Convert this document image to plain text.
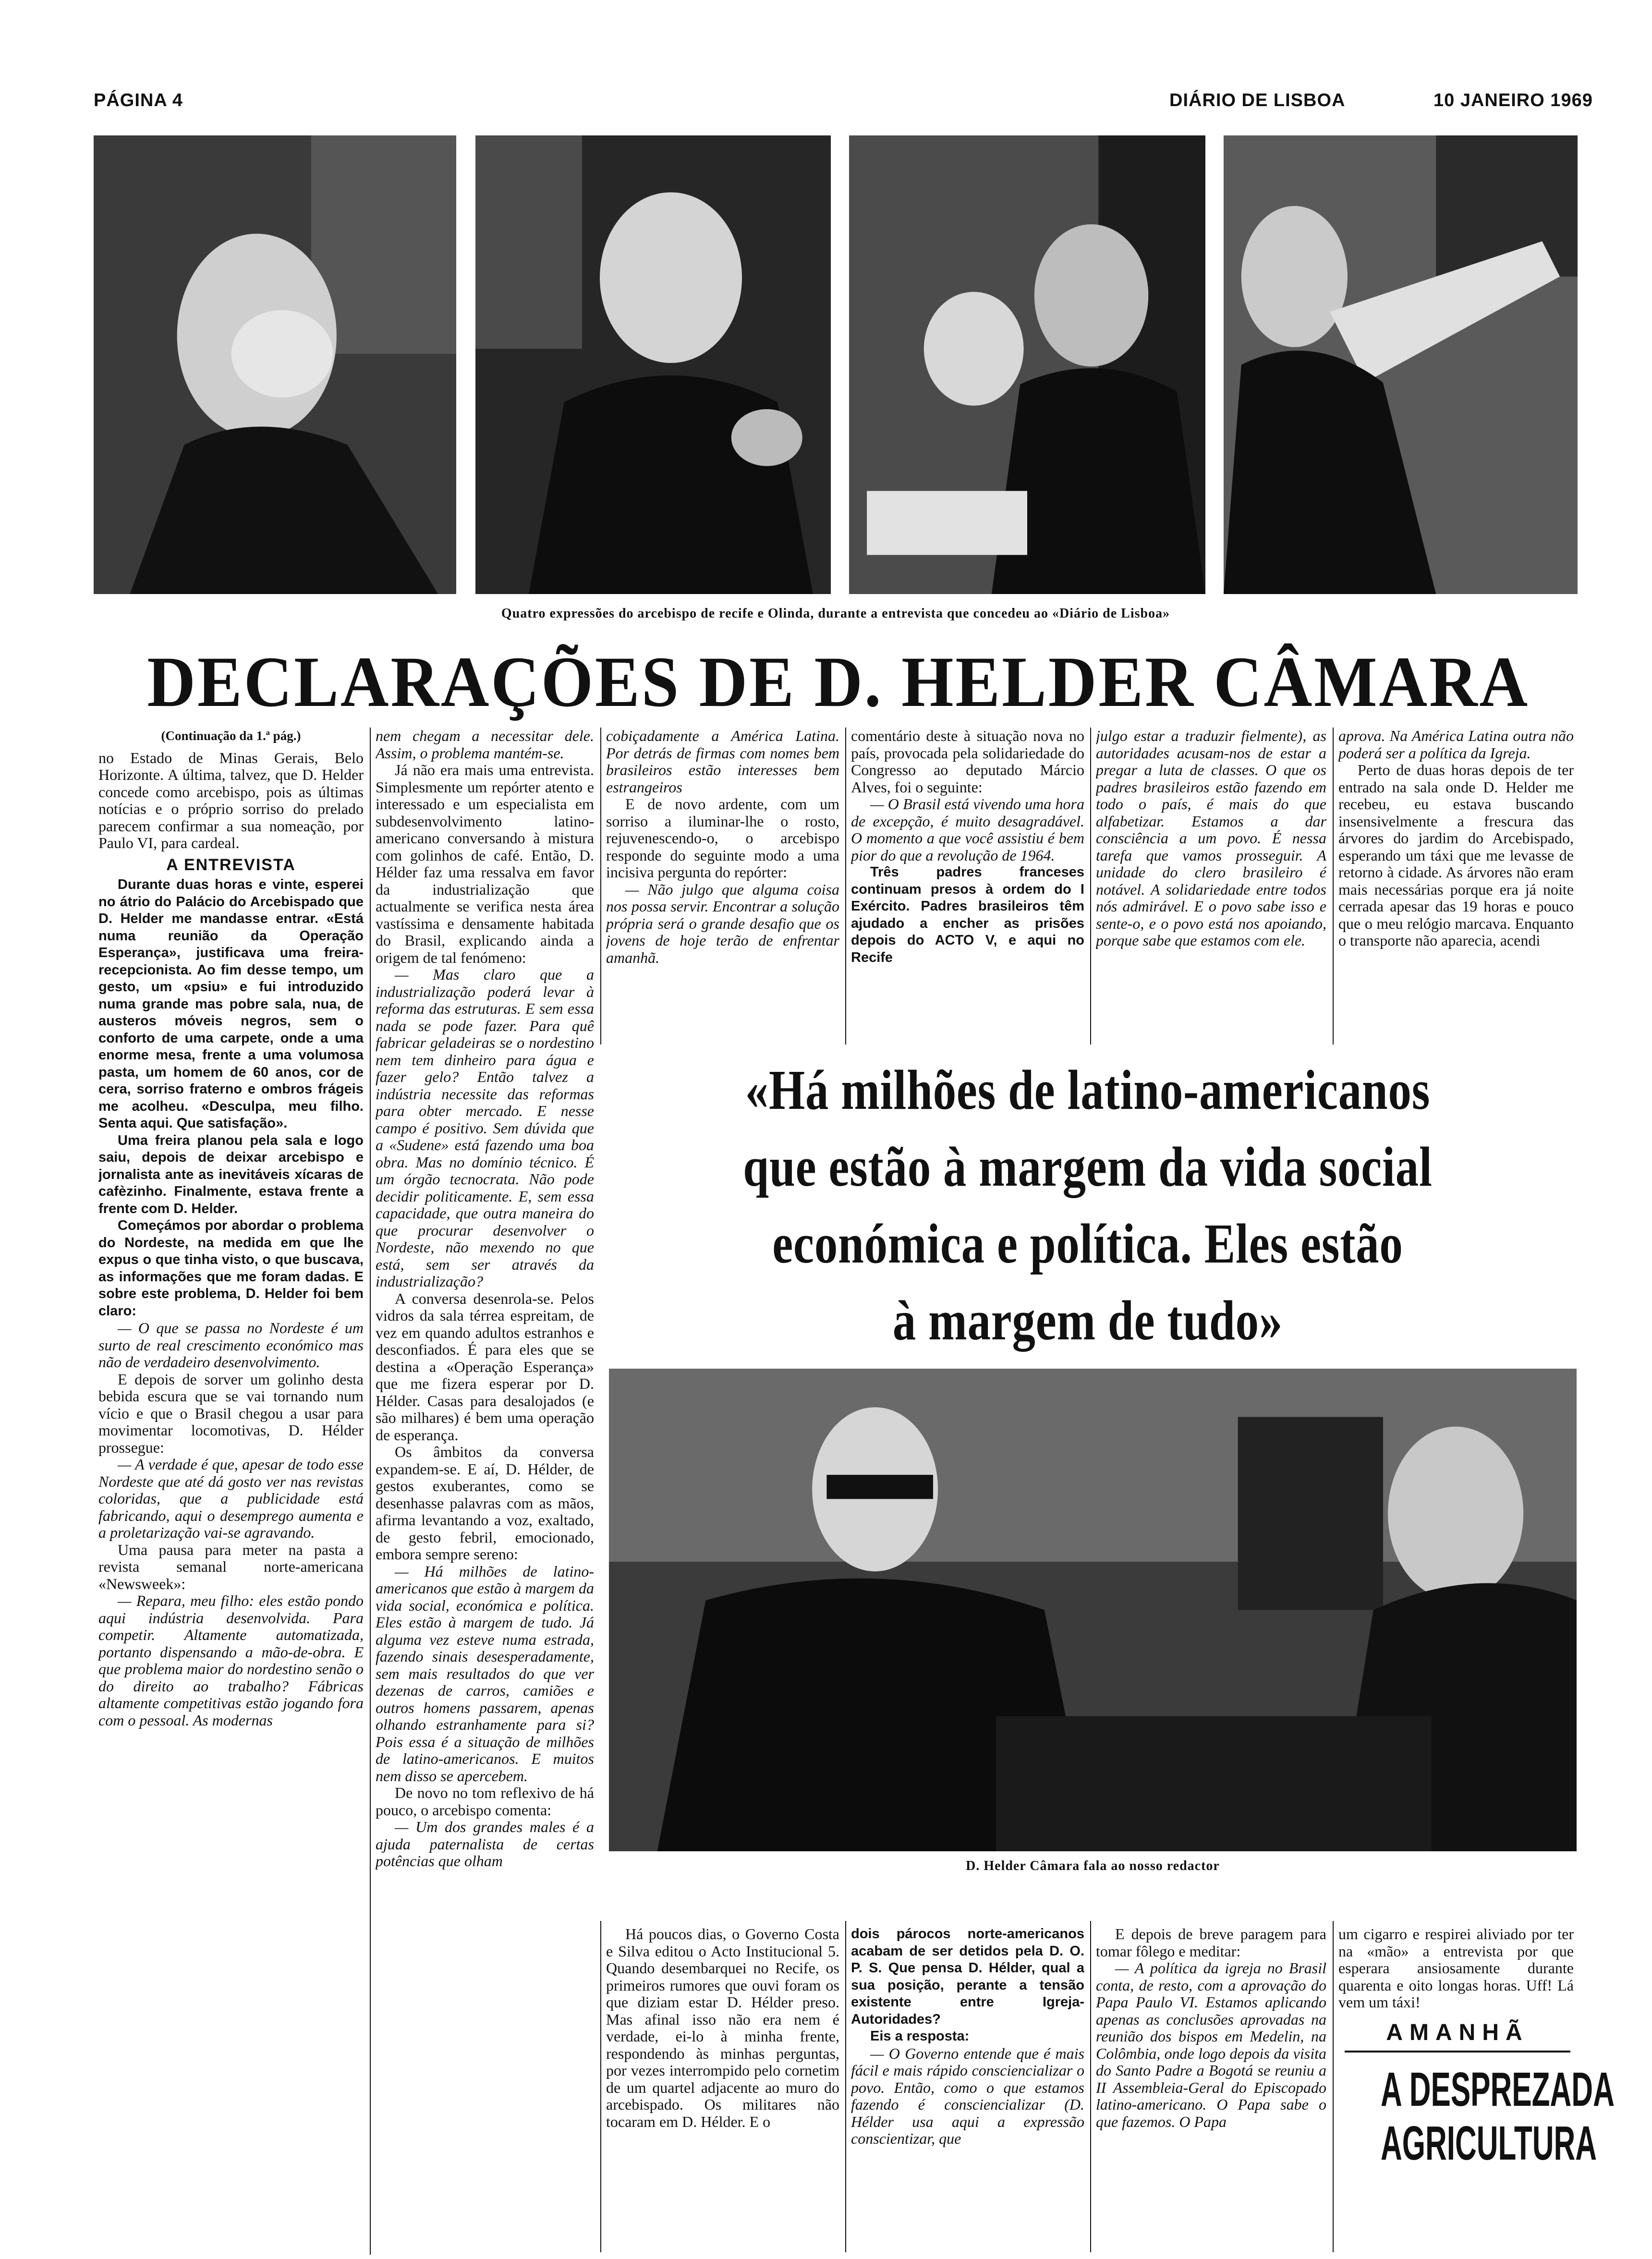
PÁGINA 4	DIÁRIO DE LISBOA	10 JANEIRO 1969
Quatro expressões do arcebispo de recife e Olinda, durante a entrevista que concedeu ao «Diário de Lisboa»
DECLARAÇÕES DE D. HELDER CÂMARA

(Continuação da 1.ª pág.)

no Estado de Minas Gerais, Belo Horizonte. A última, talvez, que D. Helder concede como arcebispo, pois as últimas notícias e o próprio sorriso do prelado parecem confirmar a sua nomeação, por Paulo VI, para cardeal.

A ENTREVISTA

Durante duas horas e vinte, esperei no átrio do Palácio do Arcebispado que D. Helder me mandasse entrar. «Está numa reunião da Operação Esperança», justificava uma freira-recepcionista. Ao fim desse tempo, um gesto, um «psiu» e fui introduzido numa grande mas pobre sala, nua, de austeros móveis negros, sem o conforto de uma carpete, onde a uma enorme mesa, frente a uma volumosa pasta, um homem de 60 anos, cor de cera, sorriso fraterno e ombros frágeis me acolheu. «Desculpa, meu filho. Senta aqui. Que satisfação».

Uma freira planou pela sala e logo saiu, depois de deixar arcebispo e jornalista ante as inevitáveis xícaras de cafèzinho. Finalmente, estava frente a frente com D. Helder.

Começámos por abordar o problema do Nordeste, na medida em que lhe expus o que tinha visto, o que buscava, as informações que me foram dadas. E sobre este problema, D. Helder foi bem claro:

— O que se passa no Nordeste é um surto de real crescimento económico mas não de verdadeiro desenvolvimento.

E depois de sorver um golinho desta bebida escura que se vai tornando num vício e que o Brasil chegou a usar para movimentar locomotivas, D. Hélder prossegue:

— A verdade é que, apesar de todo esse Nordeste que até dá gosto ver nas revistas coloridas, que a publicidade está fabricando, aqui o desemprego aumenta e a proletarização vai-se agravando.

Uma pausa para meter na pasta a revista semanal norte-americana «Newsweek»:

— Repara, meu filho: eles estão pondo aqui indústria desenvolvida. Para competir. Altamente automatizada, portanto dispensando a mão-de-obra. E que problema maior do nordestino senão o do direito ao trabalho? Fábricas altamente competitivas estão jogando fora com o pessoal. As modernas

nem chegam a necessitar dele. Assim, o problema mantém-se.

Já não era mais uma entrevista. Simplesmente um repórter atento e interessado e um especialista em subdesenvolvimento latino-americano conversando à mistura com golinhos de café. Então, D. Hélder faz uma ressalva em favor da industrialização que actualmente se verifica nesta área vastíssima e densamente habitada do Brasil, explicando ainda a origem de tal fenómeno:

— Mas claro que a industrialização poderá levar à reforma das estruturas. E sem essa nada se pode fazer. Para quê fabricar geladeiras se o nordestino nem tem dinheiro para água e fazer gelo? Então talvez a indústria necessite das reformas para obter mercado. E nesse campo é positivo. Sem dúvida que a «Sudene» está fazendo uma boa obra. Mas no domínio técnico. É um órgão tecnocrata. Não pode decidir politicamente. E, sem essa capacidade, que outra maneira do que procurar desenvolver o Nordeste, não mexendo no que está, sem ser através da industrialização?

A conversa desenrola-se. Pelos vidros da sala térrea espreitam, de vez em quando adultos estranhos e desconfiados. É para eles que se destina a «Operação Esperança» que me fizera esperar por D. Hélder. Casas para desalojados (e são milhares) é bem uma operação de esperança.

Os âmbitos da conversa expandem-se. E aí, D. Hélder, de gestos exuberantes, como se desenhasse palavras com as mãos, afirma levantando a voz, exaltado, de gesto febril, emocionado, embora sempre sereno:

— Há milhões de latino-americanos que estão à margem da vida social, económica e política. Eles estão à margem de tudo. Já alguma vez esteve numa estrada, fazendo sinais desesperadamente, sem mais resultados do que ver dezenas de carros, camiões e outros homens passarem, apenas olhando estranhamente para si? Pois essa é a situação de milhões de latino-americanos. E muitos nem disso se apercebem.

De novo no tom reflexivo de há pouco, o arcebispo comenta:

— Um dos grandes males é a ajuda paternalista de certas potências que olham

cobiçadamente a América Latina. Por detrás de firmas com nomes bem brasileiros estão interesses bem estrangeiros

E de novo ardente, com um sorriso a iluminar-lhe o rosto, rejuvenescendo-o, o arcebispo responde do seguinte modo a uma incisiva pergunta do repórter:

— Não julgo que alguma coisa nos possa servir. Encontrar a solução própria será o grande desafio que os jovens de hoje terão de enfrentar amanhã.

comentário deste à situação nova no país, provocada pela solidariedade do Congresso ao deputado Márcio Alves, foi o seguinte:

— O Brasil está vivendo uma hora de excepção, é muito desagradável. O momento a que você assistiu é bem pior do que a revolução de 1964.

Três padres franceses continuam presos à ordem do I Exército. Padres brasileiros têm ajudado a encher as prisões depois do ACTO V, e aqui no Recife

julgo estar a traduzir fielmente), as autoridades acusam-nos de estar a pregar a luta de classes. O que os padres brasileiros estão fazendo em todo o país, é mais do que alfabetizar. Estamos a dar consciência a um povo. É nessa tarefa que vamos prosseguir. A unidade do clero brasileiro é notável. A solidariedade entre todos nós admirável. E o povo sabe isso e sente-o, e o povo está nos apoiando, porque sabe que estamos com ele.

aprova. Na América Latina outra não poderá ser a política da Igreja.

Perto de duas horas depois de ter entrado na sala onde D. Helder me recebeu, eu estava buscando insensivelmente a frescura das árvores do jardim do Arcebispado, esperando um táxi que me levasse de retorno à cidade. As árvores não eram mais necessárias porque era já noite cerrada apesar das 19 horas e pouco que o meu relógio marcava. Enquanto o transporte não aparecia, acendi

«Há milhões de latino-americanos
que estão à margem da vida social
económica e política. Eles estão
à margem de tudo»
D. Helder Câmara fala ao nosso redactor

Há poucos dias, o Governo Costa e Silva editou o Acto Institucional 5. Quando desembarquei no Recife, os primeiros rumores que ouvi foram os que diziam estar D. Hélder preso. Mas afinal isso não era nem é verdade, ei-lo à minha frente, respondendo às minhas perguntas, por vezes interrompido pelo cornetim de um quartel adjacente ao muro do arcebispado. Os militares não tocaram em D. Hélder. E o

dois párocos norte-americanos acabam de ser detidos pela D. O. P. S. Que pensa D. Hélder, qual a sua posição, perante a tensão existente entre Igreja-Autoridades?

Eis a resposta:

— O Governo entende que é mais fácil e mais rápido consciencializar o povo. Então, como o que estamos fazendo é consciencializar (D. Hélder usa aqui a expressão conscientizar, que

E depois de breve paragem para tomar fôlego e meditar:

— A política da igreja no Brasil conta, de resto, com a aprovação do Papa Paulo VI. Estamos aplicando apenas as conclusões aprovadas na reunião dos bispos em Medelin, na Colômbia, onde logo depois da visita do Santo Padre a Bogotá se reuniu a II Assembleia-Geral do Episcopado latino-americano. O Papa sabe o que fazemos. O Papa

um cigarro e respirei aliviado por ter na «mão» a entrevista por que esperara ansiosamente durante quarenta e oito longas horas. Uff! Lá vem um táxi!

AMANHÃ
A DESPREZADA
AGRICULTURA
